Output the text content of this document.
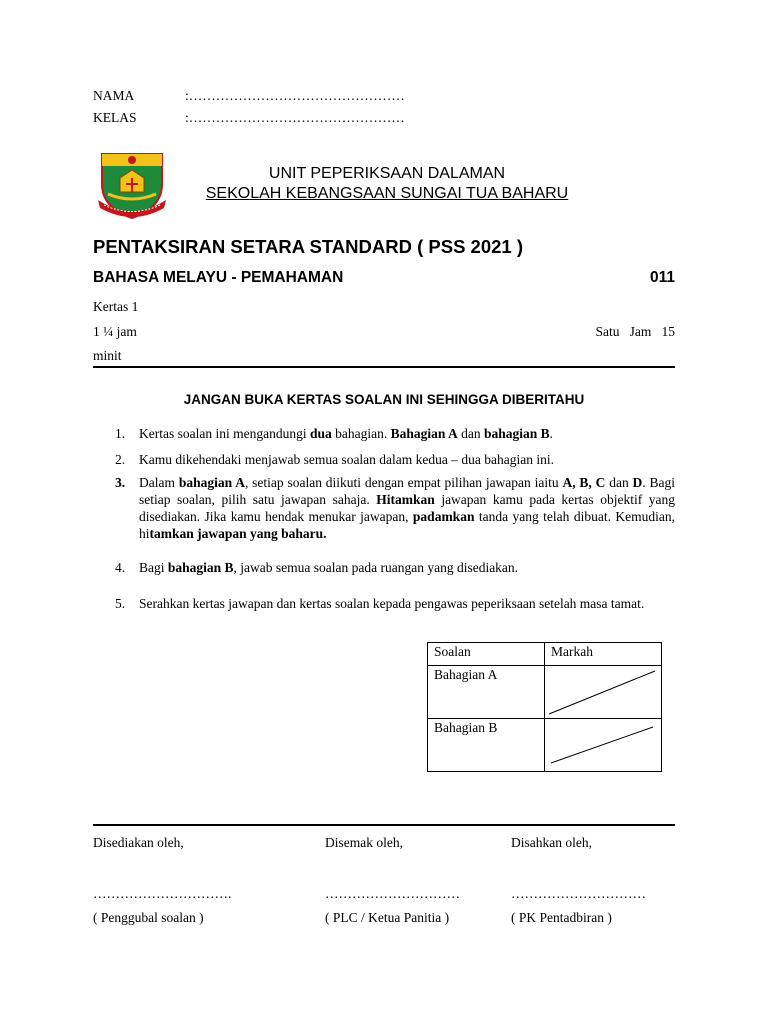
NAMA	:…………………………………………
KELAS	:…………………………………………
UNIT PEPERIKSAAN DALAMAN
SEKOLAH KEBANGSAAN SUNGAI TUA BAHARU
PENTAKSIRAN SETARA STANDARD ( PSS 2021 )
BAHASA MELAYU - PEMAHAMAN	011
Kertas 1
1 ¼ jam	Satu   Jam   15
minit
JANGAN BUKA KERTAS SOALAN INI SEHINGGA DIBERITAHU
1.	Kertas soalan ini mengandungi dua bahagian. Bahagian A dan bahagian B.
2.	Kamu dikehendaki menjawab semua soalan dalam kedua – dua bahagian ini.
3.	Dalam bahagian A, setiap soalan diikuti dengan empat pilihan jawapan iaitu A, B, C dan D. Bagi setiap soalan, pilih satu jawapan sahaja. Hitamkan jawapan kamu pada kertas objektif yang disediakan. Jika kamu hendak menukar jawapan, padamkan tanda yang telah dibuat. Kemudian, hitamkan jawapan yang baharu.
4.	Bagi bahagian B, jawab semua soalan pada ruangan yang disediakan.
5.	Serahkan kertas jawapan dan kertas soalan kepada pengawas peperiksaan setelah masa tamat.
Soalan	Markah
Bahagian A	

Bahagian B	
Disediakan oleh,	Disemak oleh,	Disahkan oleh,
………………………….	…………………………	…………………………
( Penggubal soalan )	( PLC / Ketua Panitia )	( PK Pentadbiran )
